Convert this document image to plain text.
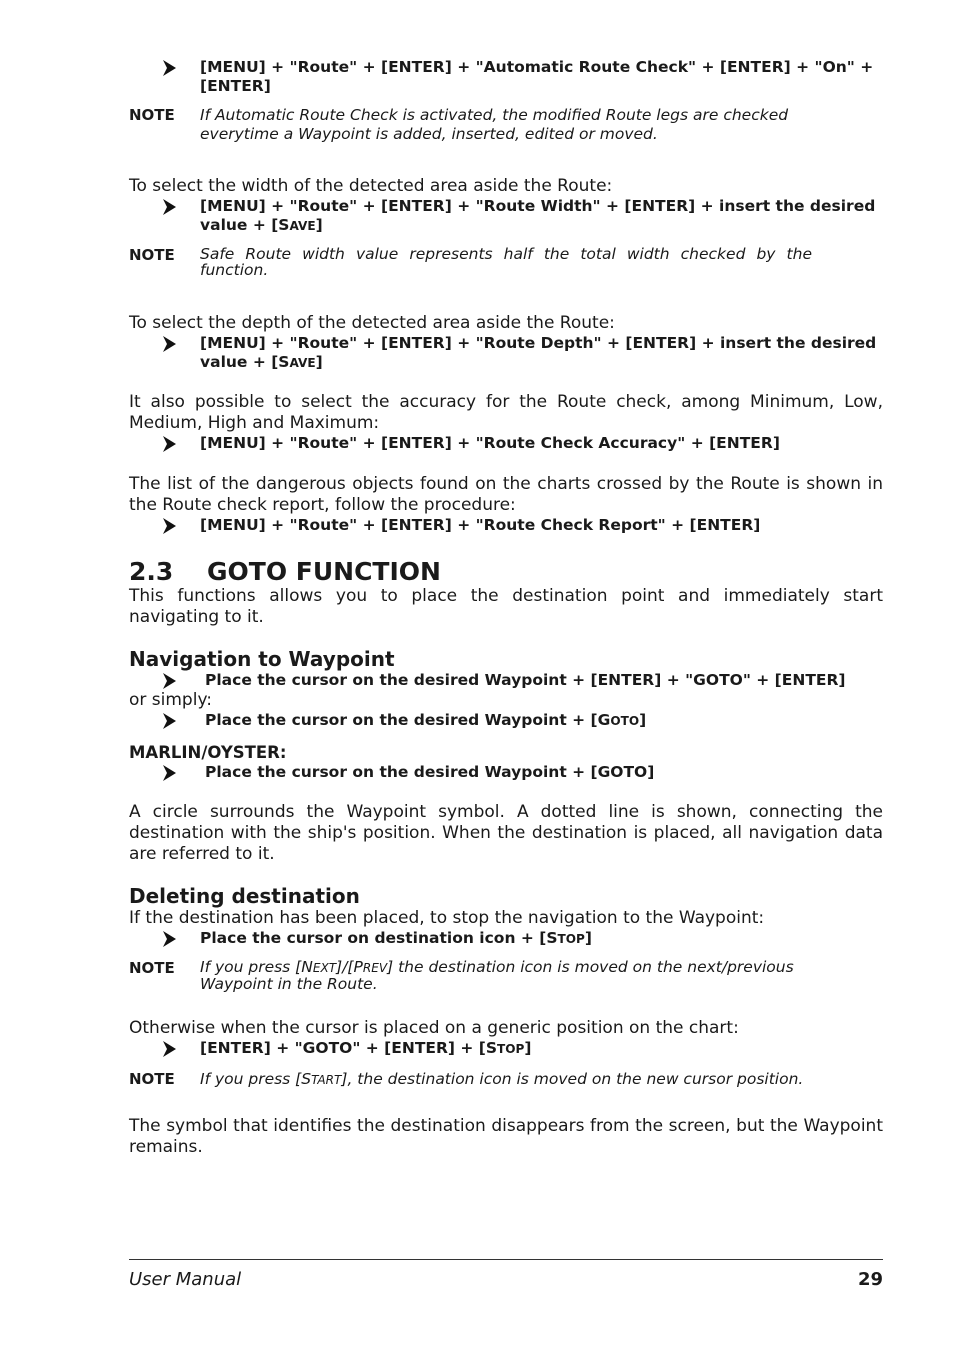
[MENU] + "Route" + [ENTER] + "Automatic Route Check" + [ENTER] + "On" + [ENTER]
NOTE	If Automatic Route Check is activated, the modified Route legs are checked everytime a Waypoint is added, inserted, edited or moved.
To select the width of the detected area aside the Route:
[MENU] + "Route" + [ENTER] + "Route Width" + [ENTER] + insert the desired value + [SAVE]
NOTE	Safe Route width value represents half the total width checked by the function.
To select the depth of the detected area aside the Route:
[MENU] + "Route" + [ENTER] + "Route Depth" + [ENTER] + insert the desired value + [SAVE]
It also possible to select the accuracy for the Route check, among Minimum, Low, Medium, High and Maximum:
[MENU] + "Route" + [ENTER] + "Route Check Accuracy" + [ENTER]
The list of the dangerous objects found on the charts crossed by the Route is shown in the Route check report, follow the procedure:
[MENU] + "Route" + [ENTER] + "Route Check Report" + [ENTER]
2.3 GOTO FUNCTION
This functions allows you to place the destination point and immediately start navigating to it.
Navigation to Waypoint
Place the cursor on the desired Waypoint + [ENTER] + "GOTO" + [ENTER]
or simply:
Place the cursor on the desired Waypoint + [GOTO]
MARLIN/OYSTER:
Place the cursor on the desired Waypoint + [GOTO]
A circle surrounds the Waypoint symbol. A dotted line is shown, connecting the destination with the ship's position. When the destination is placed, all navigation data are referred to it.
Deleting destination
If the destination has been placed, to stop the navigation to the Waypoint:
Place the cursor on destination icon + [STOP]
NOTE	If you press [NEXT]/[PREV] the destination icon is moved on the next/previous Waypoint in the Route.
Otherwise when the cursor is placed on a generic position on the chart:
[ENTER] + "GOTO" + [ENTER] + [STOP]
NOTE	If you press [START], the destination icon is moved on the new cursor position.
The symbol that identifies the destination disappears from the screen, but the Waypoint remains.
User Manual	29
